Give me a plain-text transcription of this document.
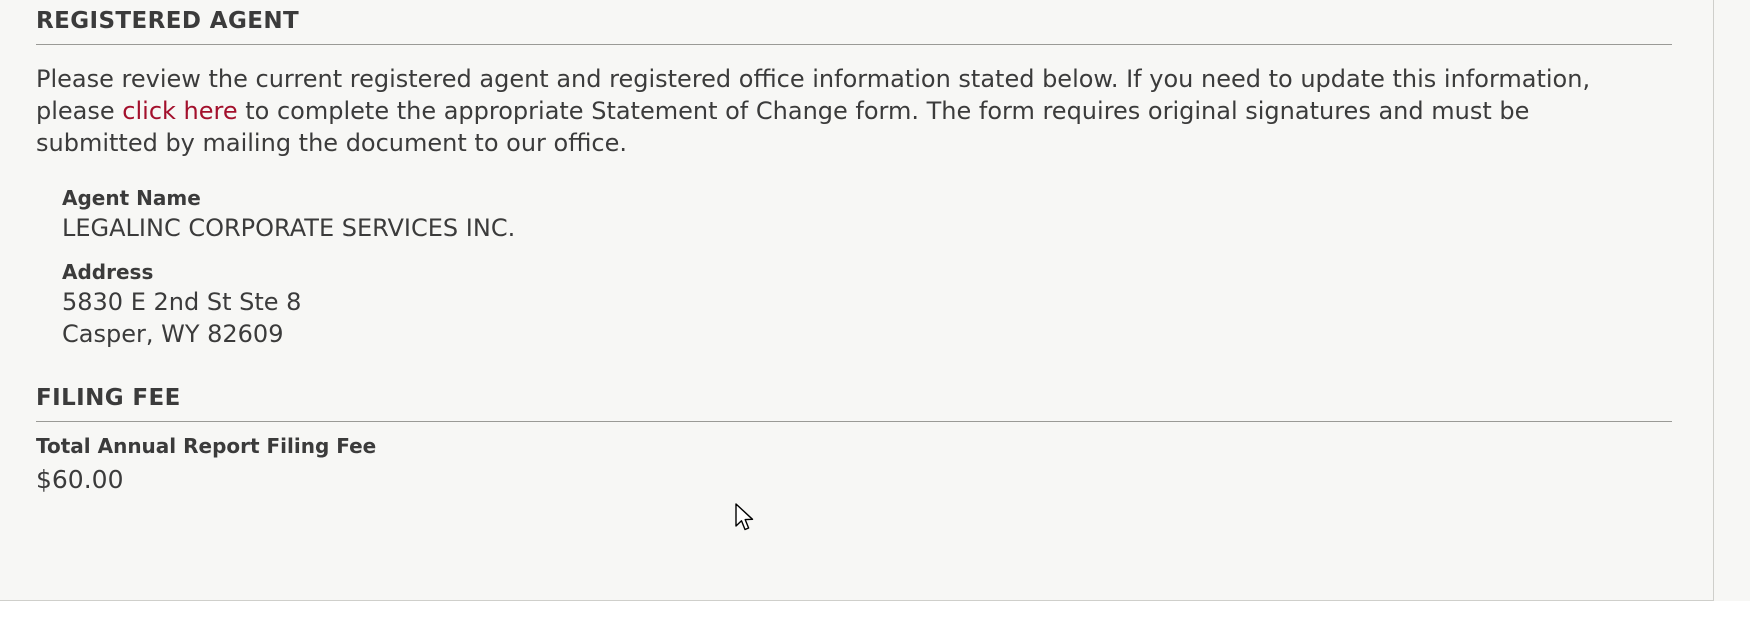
REGISTERED AGENT

Please review the current registered agent and registered office information stated below. If you need to update this information, please click here to complete the appropriate Statement of Change form. The form requires original signatures and must be submitted by mailing the document to our office.

Agent Name
LEGALINC CORPORATE SERVICES INC.
Address
5830 E 2nd St Ste 8
Casper, WY 82609
FILING FEE
Total Annual Report Filing Fee
$60.00
